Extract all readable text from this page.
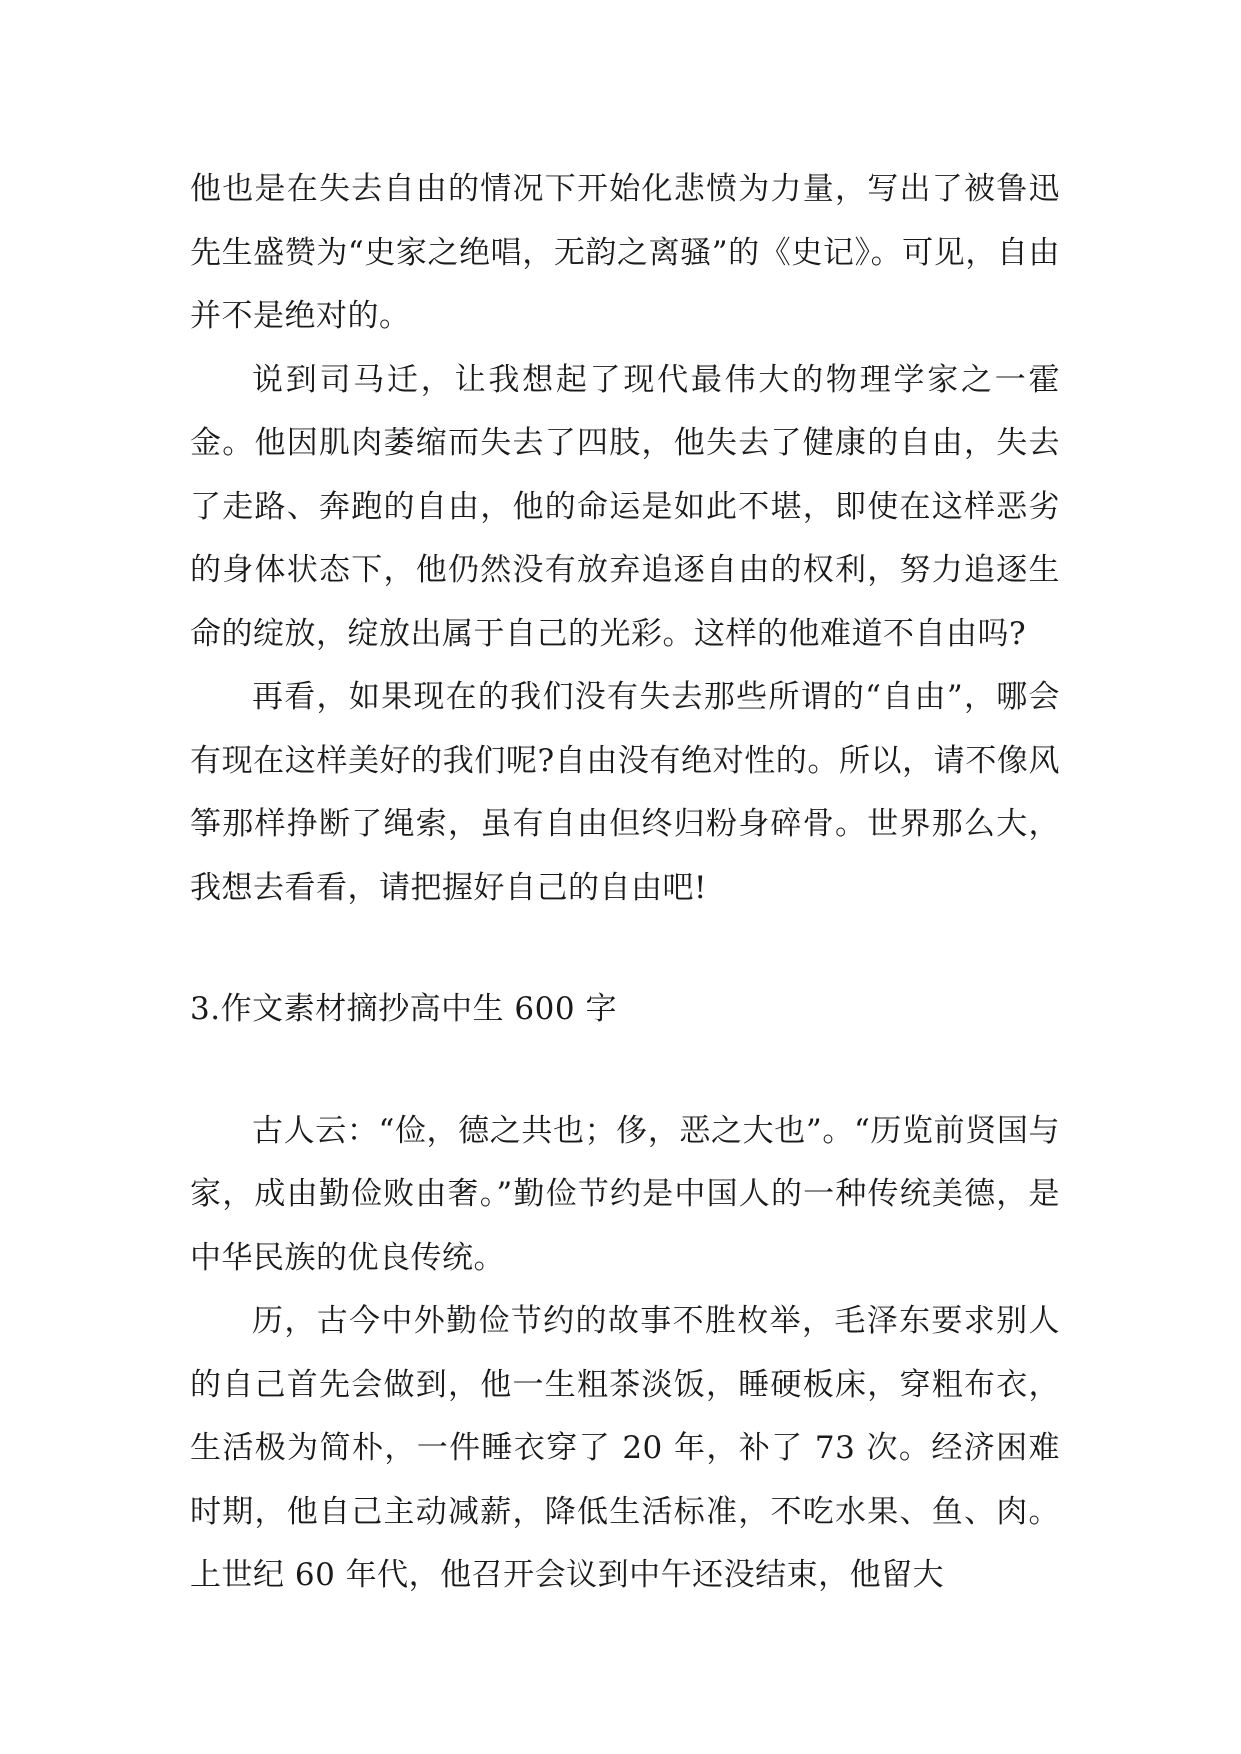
他也是在失去自由的情况下开始化悲愤为力量，写出了被鲁迅先生盛赞为“史家之绝唱，无韵之离骚”的《史记》。可见，自由并不是绝对的。

说到司马迁，让我想起了现代最伟大的物理学家之一霍金。他因肌肉萎缩而失去了四肢，他失去了健康的自由，失去了走路、奔跑的自由，他的命运是如此不堪，即使在这样恶劣的身体状态下，他仍然没有放弃追逐自由的权利，努力追逐生命的绽放，绽放出属于自己的光彩。这样的他难道不自由吗?

再看，如果现在的我们没有失去那些所谓的“自由”，哪会有现在这样美好的我们呢?自由没有绝对性的。所以，请不像风筝那样挣断了绳索，虽有自由但终归粉身碎骨。世界那么大，我想去看看，请把握好自己的自由吧!

3.作文素材摘抄高中生 600 字

古人云：“俭，德之共也；侈，恶之大也”。“历览前贤国与家，成由勤俭败由奢。”勤俭节约是中国人的一种传统美德，是中华民族的优良传统。

历，古今中外勤俭节约的故事不胜枚举，毛泽东要求别人的自己首先会做到，他一生粗茶淡饭，睡硬板床，穿粗布衣，生活极为简朴，一件睡衣穿了 20 年，补了 73 次。经济困难时期，他自己主动减薪，降低生活标准，不吃水果、鱼、肉。上世纪 60 年代，他召开会议到中午还没结束，他留大
